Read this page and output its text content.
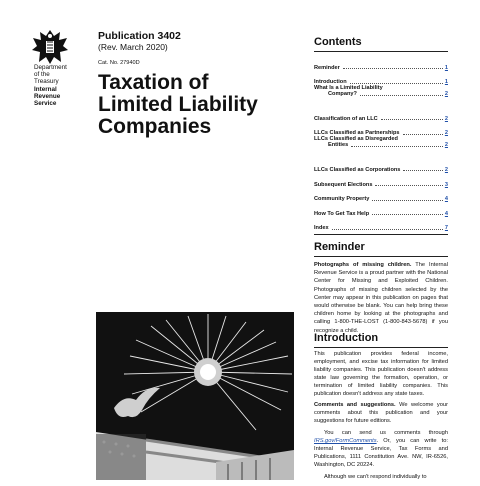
Department
of the
Treasury
Internal
Revenue
Service
Publication 3402
(Rev. March 2020)
Cat. No. 27940D
Taxation of
Limited Liability
Companies
Contents
Reminder	1
Introduction	1
What Is a Limited Liability
Company?	2
Classification of an LLC	2
LLCs Classified as Partnerships	2
LLCs Classified as Disregarded
Entities	2
LLCs Classified as Corporations	2
Subsequent Elections	3
Community Property	4
How To Get Tax Help	4
Index	7
Reminder
Photographs of missing children. The Internal Revenue Service is a proud partner with the National Center for Missing and Exploited Children. Photographs of missing children selected by the Center may appear in this publication on pages that would otherwise be blank. You can help bring these children home by looking at the photographs and calling 1-800-THE-LOST (1-800-843-5678) if you recognize a child.
Introduction

This publication provides federal income, employment, and excise tax information for limited liability companies. This publication doesn't address state law governing the formation, operation, or termination of limited liability companies. This publication doesn't address any state taxes.

Comments and suggestions. We welcome your comments about this publication and your suggestions for future editions.

You can send us comments through IRS.gov/FormComments. Or, you can write to: Internal Revenue Service, Tax Forms and Publications, 1111 Constitution Ave. NW, IR-6526, Washington, DC 20224.

Although we can't respond individually to
